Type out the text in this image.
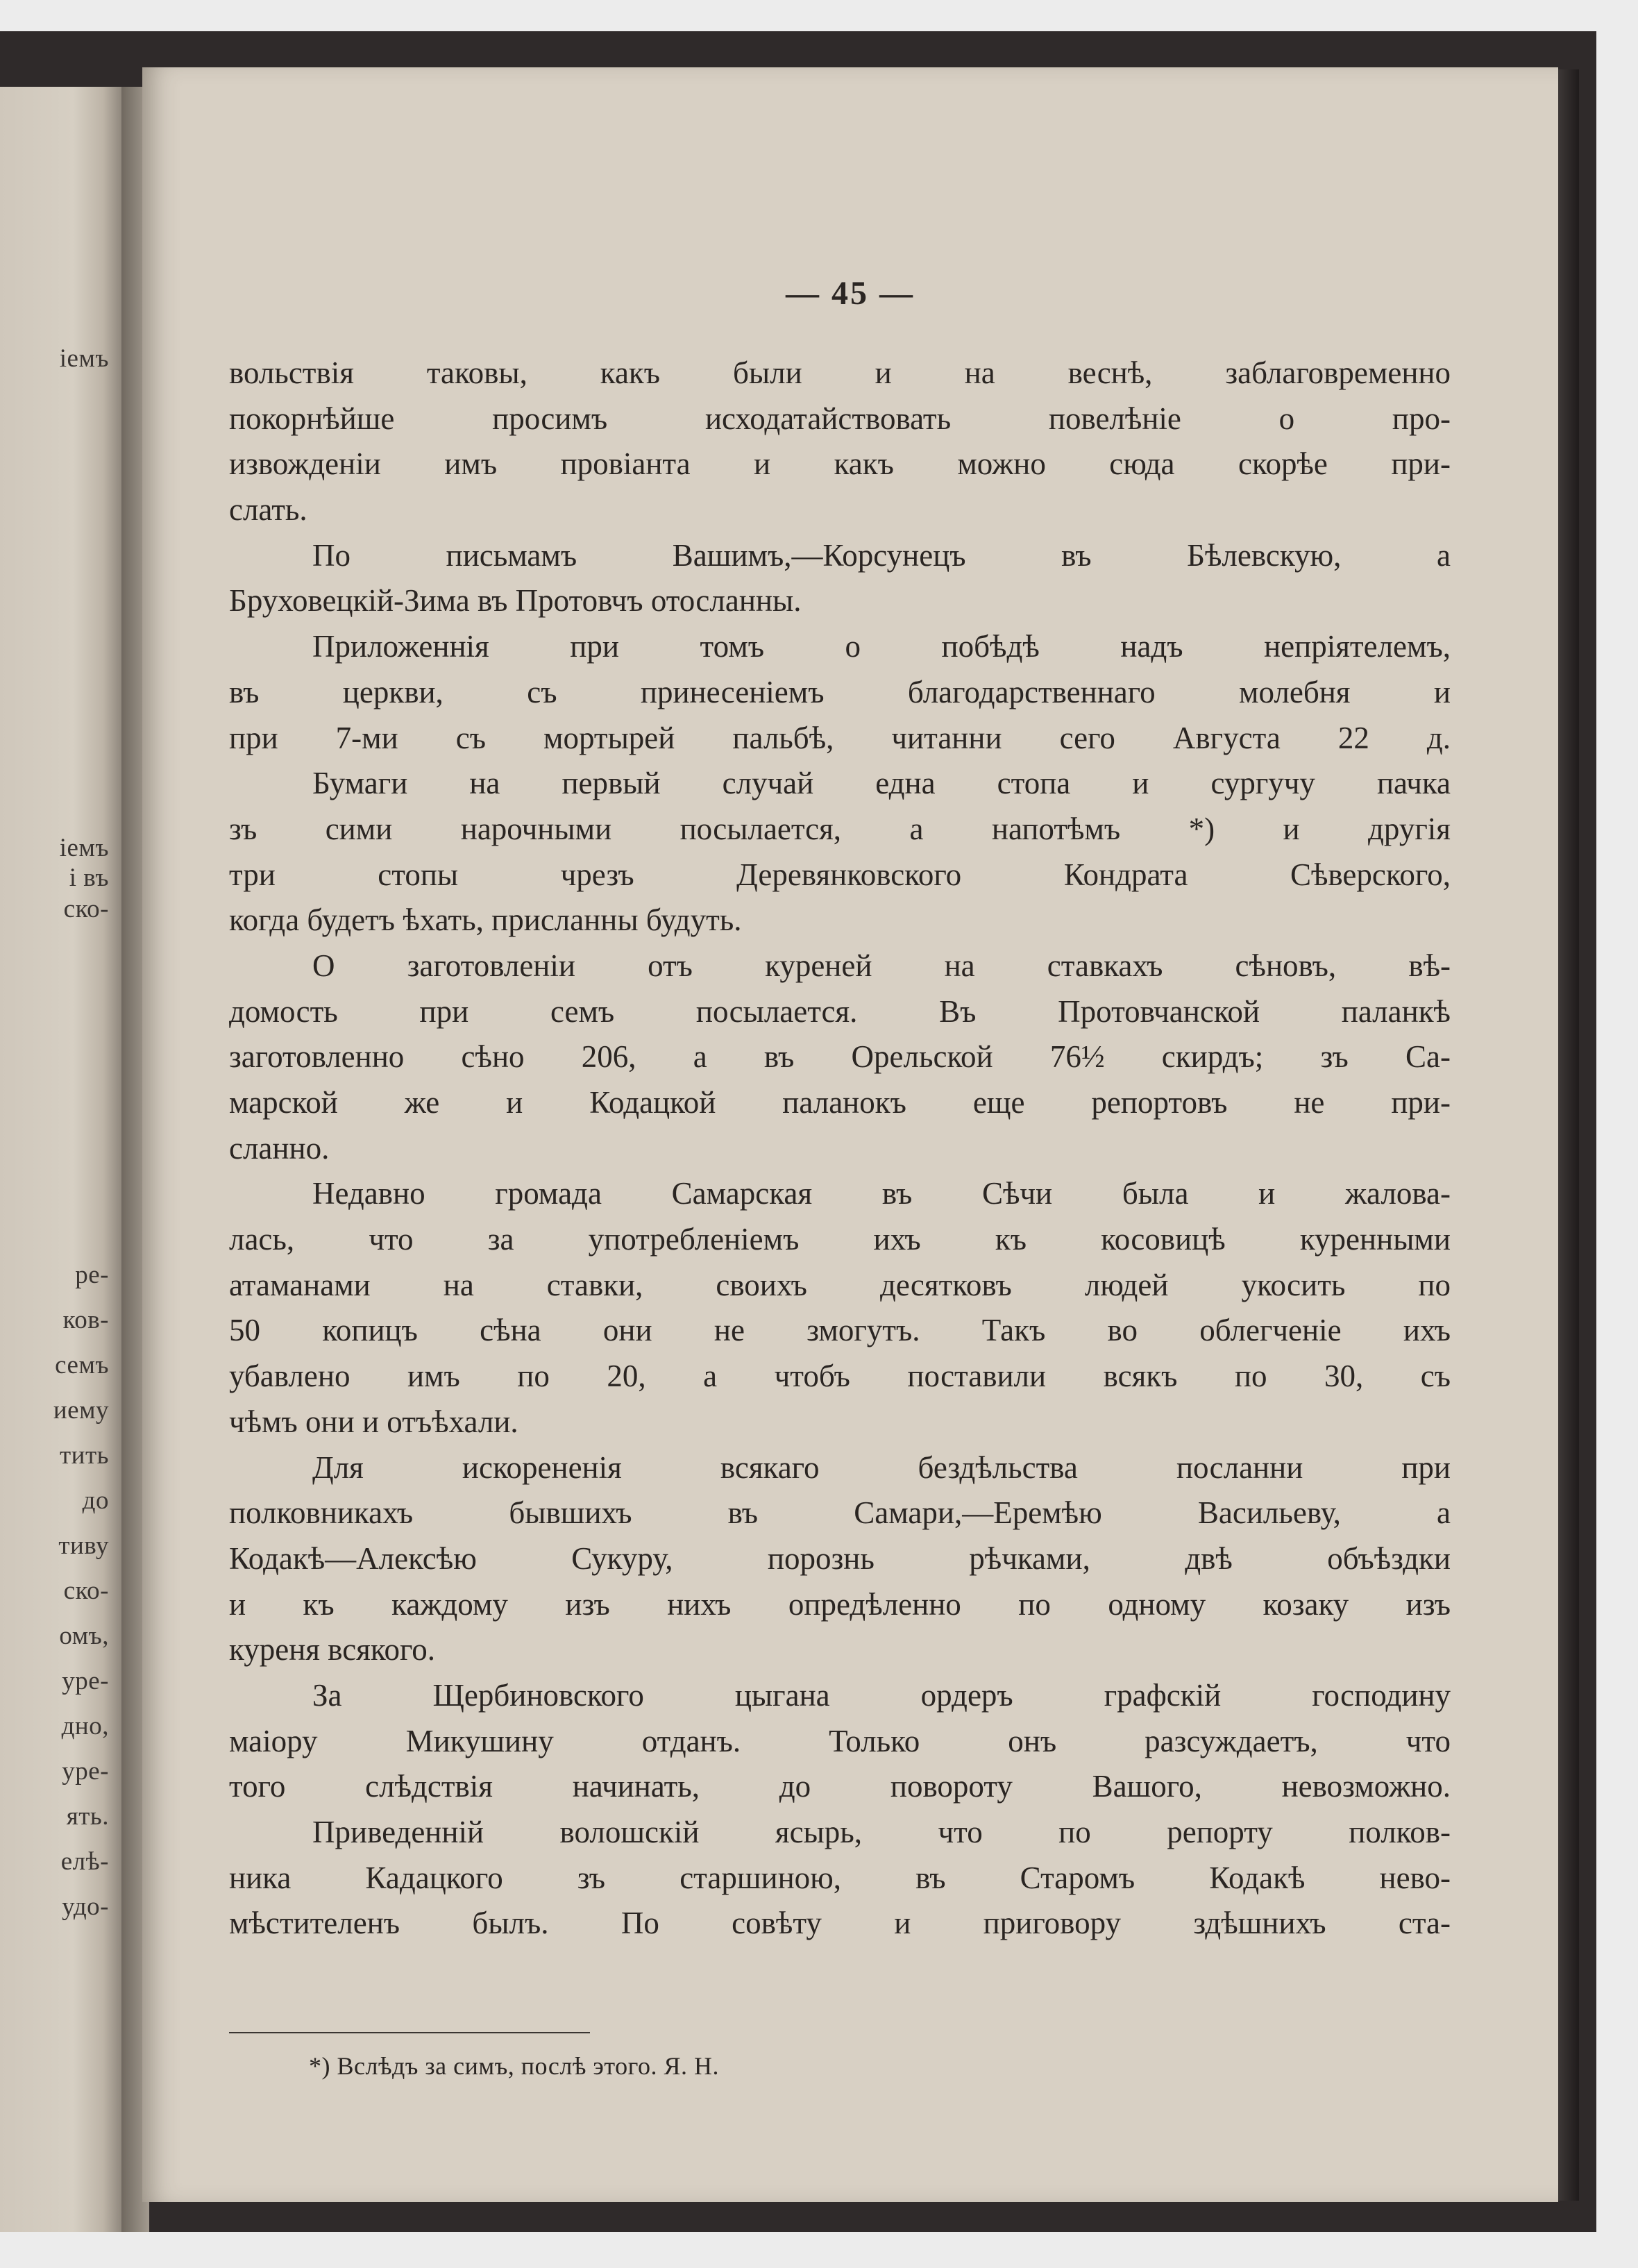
іемъ
іемъ
і въ
ско-
ре-
ков-
семъ
иему
тить
до
тиву
ско-
омъ,
уре-
дно,
уре-
ять.
елѣ-
удо-
— 45 —
вольствія таковы, какъ были и на веснѣ, заблаговременно
покорнѣйше просимъ исходатайствовать повелѣніе о про-
извожденіи имъ провіанта и какъ можно сюда скорѣе при-
слать.
По письмамъ Вашимъ,—Корсунецъ въ Бѣлевскую, а
Бруховецкій-Зима въ Протовчъ отосланны.
Приложеннія при томъ о побѣдѣ надъ непріятелемъ,
въ церкви, съ принесеніемъ благодарственнаго молебня и
при 7-ми съ мортырей пальбѣ, читанни сего Августа 22 д.
Бумаги на первый случай една стопа и сургучу пачка
зъ сими нарочными посылается, а напотѣмъ *) и другія
три стопы чрезъ Деревянковского Кондрата Сѣверского,
когда будетъ ѣхать, присланны будуть.
О заготовленіи отъ куреней на ставкахъ сѣновъ, вѣ-
домость при семъ посылается. Въ Протовчанской паланкѣ
заготовленно сѣно 206, а въ Орельской 76½ скирдъ; зъ Са-
марской же и Кодацкой паланокъ еще репортовъ не при-
сланно.
Недавно громада Самарская въ Сѣчи была и жалова-
лась, что за употребленіемъ ихъ къ косовицѣ куренными
атаманами на ставки, своихъ десятковъ людей укосить по
50 копицъ сѣна они не змогутъ. Такъ во облегченіе ихъ
убавлено имъ по 20, а чтобъ поставили всякъ по 30, съ
чѣмъ они и отъѣхали.
Для искорененія всякаго бездѣльства посланни при
полковникахъ бывшихъ въ Самари,—Еремѣю Васильеву, а
Кодакѣ—Алексѣю Сукуру, порознь рѣчками, двѣ объѣздки
и къ каждому изъ нихъ опредѣленно по одному козаку изъ
куреня всякого.
За Щербиновского цыгана ордеръ графскій господину
маіору Микушину отданъ. Только онъ разсуждаетъ, что
того слѣдствія начинать, до повороту Вашого, невозможно.
Приведенній волошскій ясырь, что по репорту полков-
ника Кадацкого зъ старшиною, въ Старомъ Кодакѣ нево-
мѣстителенъ былъ. По совѣту и приговору здѣшнихъ ста-
*) Вслѣдъ за симъ, послѣ этого. Я. Н.
